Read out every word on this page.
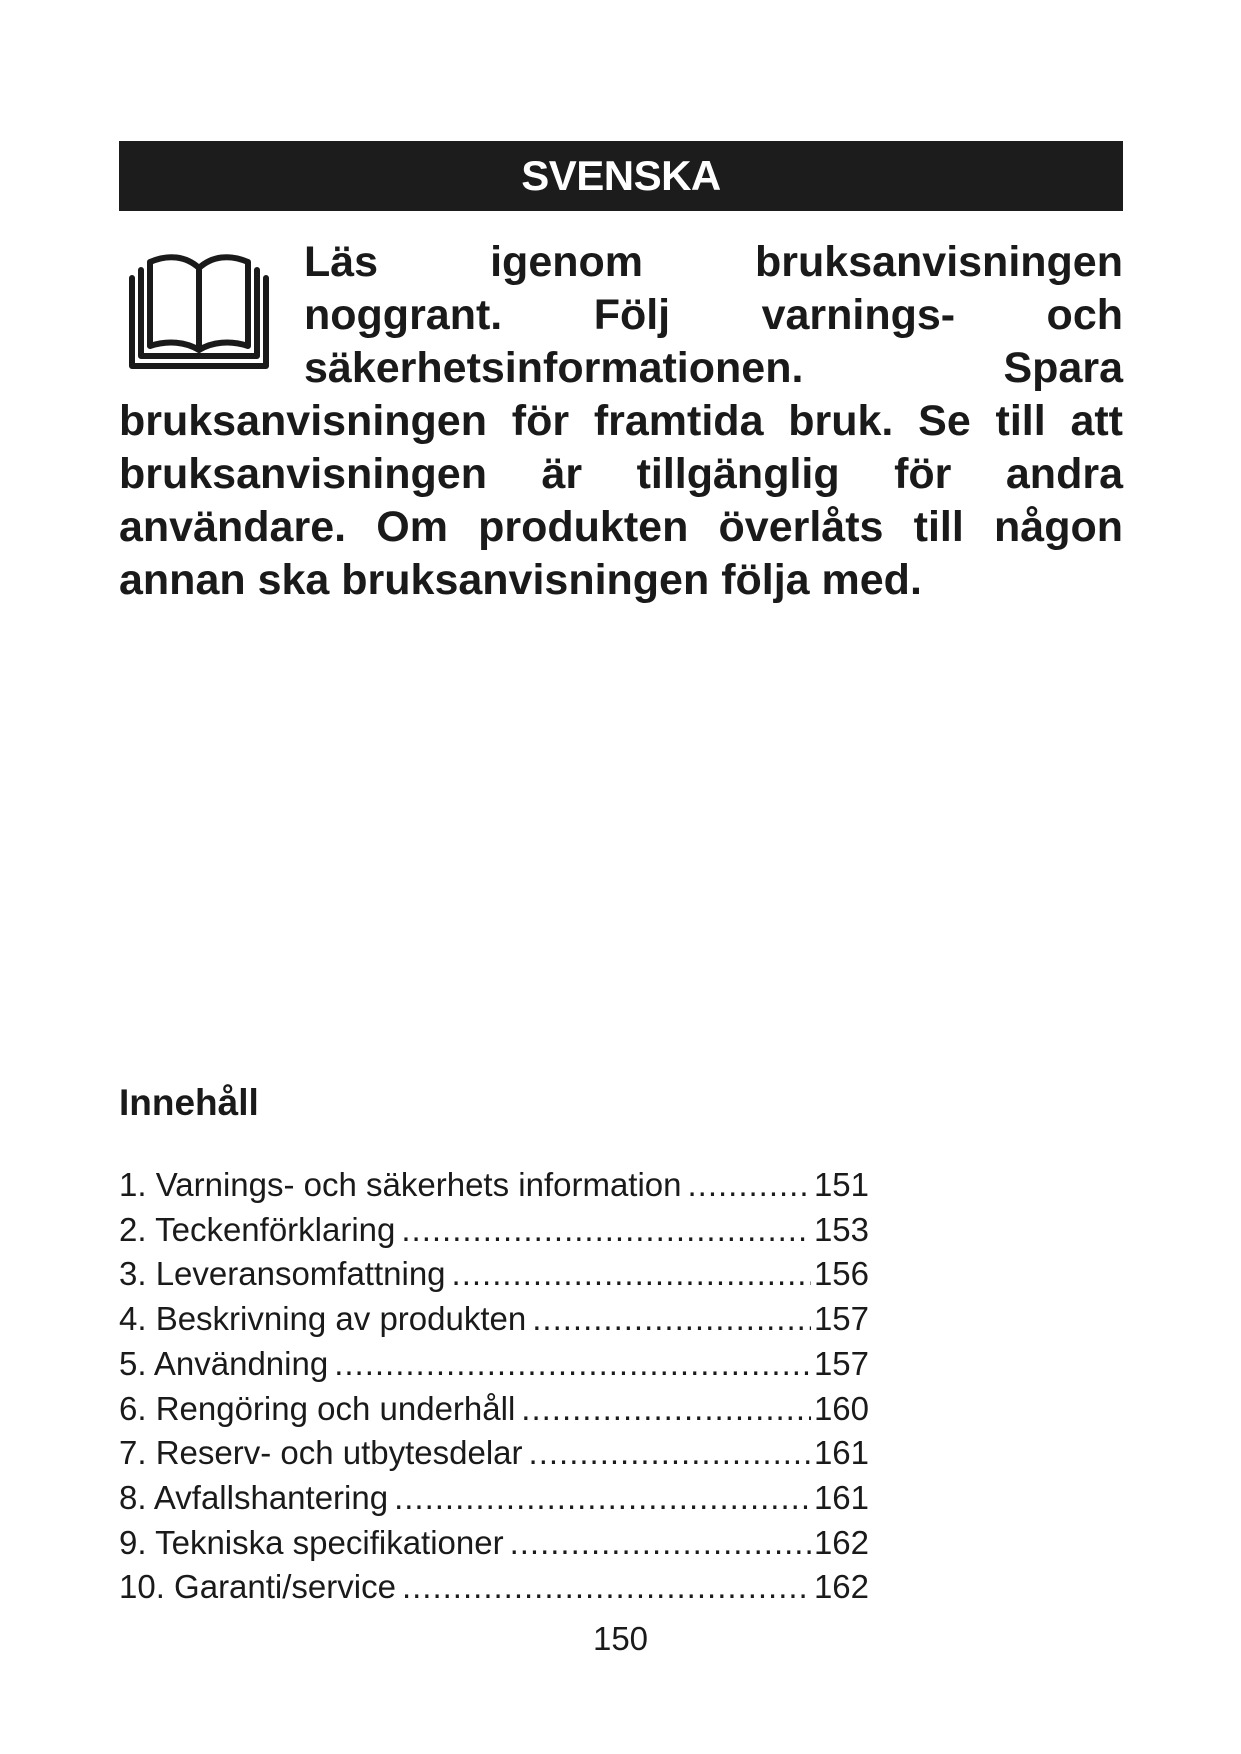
SVENSKA

Läs igenom bruksanvisningen noggrant. Följ varnings- och säkerhetsinformationen. Spara bruksanvisningen för framtida bruk. Se till att bruksanvisningen är tillgänglig för andra användare. Om produkten överlåts till någon annan ska bruksanvisningen följa med.

Innehåll
1. Varnings- och säkerhets information .....	151
2. Teckenförklaring .....	153
3. Leveransomfattning .....	156
4. Beskrivning av produkten .....	157
5. Användning .....	157
6. Rengöring och underhåll .....	160
7. Reserv- och utbytesdelar .....	161
8. Avfallshantering .....	161
9. Tekniska specifikationer .....	162
10. Garanti/service .....	162

150
